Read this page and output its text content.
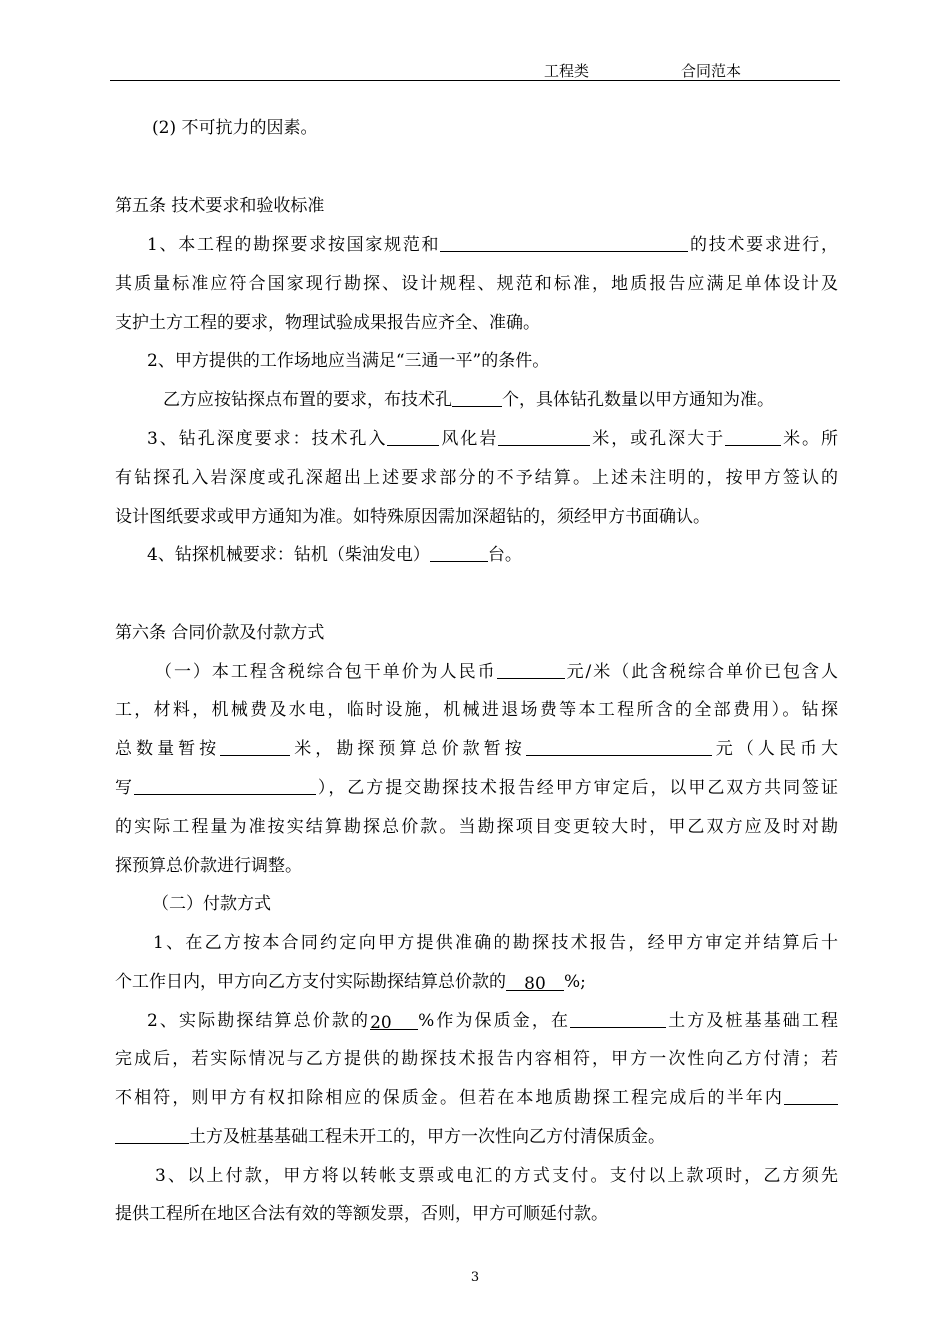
工程类	合同范本
(2) 不可抗力的因素。
第五条 技术要求和验收标准
1、本工程的勘探要求按国家规范和	的技术要求进行，
其质量标准应符合国家现行勘探、设计规程、规范和标准，地质报告应满足单体设计及
支护土方工程的要求，物理试验成果报告应齐全、准确。
2、甲方提供的工作场地应当满足“三通一平”的条件。
乙方应按钻探点布置的要求，布技术孔	个，具体钻孔数量以甲方通知为准。
3、钻孔深度要求：技术孔入	风化岩	米，或孔深大于	米。所
有钻探孔入岩深度或孔深超出上述要求部分的不予结算。上述未注明的，按甲方签认的
设计图纸要求或甲方通知为准。如特殊原因需加深超钻的，须经甲方书面确认。
4、钻探机械要求：钻机（柴油发电）	台。
第六条 合同价款及付款方式
（一）本工程含税综合包干单价为人民币	元/米（此含税综合单价已包含人
工，材料，机械费及水电，临时设施，机械进退场费等本工程所含的全部费用）。钻探
总数量暂按	米，勘探预算总价款暂按	元（人民币大
写	），乙方提交勘探技术报告经甲方审定后，以甲乙双方共同签证
的实际工程量为准按实结算勘探总价款。当勘探项目变更较大时，甲乙双方应及时对勘
探预算总价款进行调整。
（二）付款方式
1、在乙方按本合同约定向甲方提供准确的勘探技术报告，经甲方审定并结算后十
个工作日内，甲方向乙方支付实际勘探结算总价款的 80 %;
2、实际勘探结算总价款的20 %作为保质金，在	土方及桩基基础工程
完成后，若实际情况与乙方提供的勘探技术报告内容相符，甲方一次性向乙方付清；若
不相符，则甲方有权扣除相应的保质金。但若在本地质勘探工程完成后的半年内
土方及桩基基础工程未开工的，甲方一次性向乙方付清保质金。
3、以上付款，甲方将以转帐支票或电汇的方式支付。支付以上款项时，乙方须先
提供工程所在地区合法有效的等额发票，否则，甲方可顺延付款。
3
